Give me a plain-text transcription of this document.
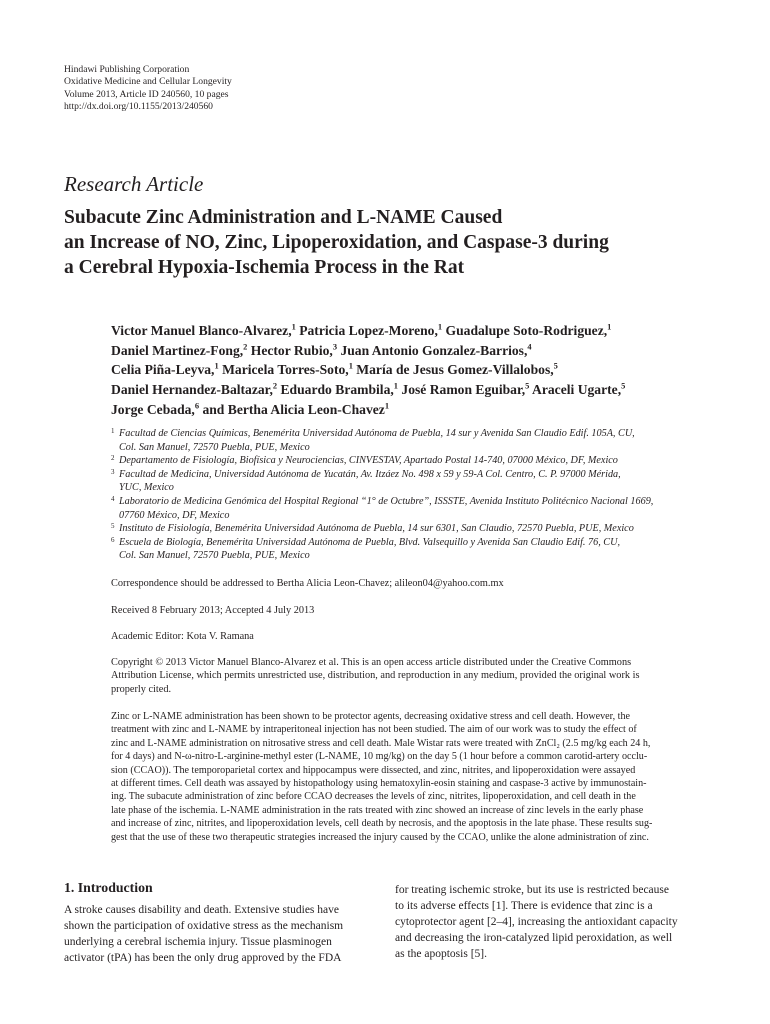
Hindawi Publishing Corporation
Oxidative Medicine and Cellular Longevity
Volume 2013, Article ID 240560, 10 pages
http://dx.doi.org/10.1155/2013/240560
Research Article
Subacute Zinc Administration and L-NAME Caused
an Increase of NO, Zinc, Lipoperoxidation, and Caspase-3 during
a Cerebral Hypoxia-Ischemia Process in the Rat
Victor Manuel Blanco-Alvarez,$^1$ Patricia Lopez-Moreno,$^1$ Guadalupe Soto-Rodriguez,$^1$
Daniel Martinez-Fong,$^2$ Hector Rubio,$^3$ Juan Antonio Gonzalez-Barrios,$^4$
Celia Piña-Leyva,$^1$ Maricela Torres-Soto,$^1$ María de Jesus Gomez-Villalobos,$^5$
Daniel Hernandez-Baltazar,$^2$ Eduardo Brambila,$^1$ José Ramon Eguibar,$^5$ Araceli Ugarte,$^5$
Jorge Cebada,$^6$ and Bertha Alicia Leon-Chavez$^1$
1 Facultad de Ciencias Químicas, Benemérita Universidad Autónoma de Puebla, 14 sur y Avenida San Claudio Edif. 105A, CU,
Col. San Manuel, 72570 Puebla, PUE, Mexico
2 Departamento de Fisiología, Biofísica y Neurociencias, CINVESTAV, Apartado Postal 14-740, 07000 México, DF, Mexico
3 Facultad de Medicina, Universidad Autónoma de Yucatán, Av. Itzáez No. 498 x 59 y 59-A Col. Centro, C. P. 97000 Mérida,
YUC, Mexico
4 Laboratorio de Medicina Genómica del Hospital Regional “1° de Octubre”, ISSSTE, Avenida Instituto Politécnico Nacional 1669,
07760 México, DF, Mexico
5 Instituto de Fisiología, Benemérita Universidad Autónoma de Puebla, 14 sur 6301, San Claudio, 72570 Puebla, PUE, Mexico
6 Escuela de Biología, Benemérita Universidad Autónoma de Puebla, Blvd. Valsequillo y Avenida San Claudio Edif. 76, CU,
Col. San Manuel, 72570 Puebla, PUE, Mexico
Correspondence should be addressed to Bertha Alicia Leon-Chavez; alileon04@yahoo.com.mx
Received 8 February 2013; Accepted 4 July 2013
Academic Editor: Kota V. Ramana
Copyright © 2013 Victor Manuel Blanco-Alvarez et al. This is an open access article distributed under the Creative Commons
Attribution License, which permits unrestricted use, distribution, and reproduction in any medium, provided the original work is
properly cited.
Zinc or L-NAME administration has been shown to be protector agents, decreasing oxidative stress and cell death. However, the
treatment with zinc and L-NAME by intraperitoneal injection has not been studied. The aim of our work was to study the effect of
zinc and L-NAME administration on nitrosative stress and cell death. Male Wistar rats were treated with ZnCl₂ (2.5 mg/kg each 24 h,
for 4 days) and N-ω-nitro-L-arginine-methyl ester (L-NAME, 10 mg/kg) on the day 5 (1 hour before a common carotid-artery occlu-
sion (CCAO)). The temporoparietal cortex and hippocampus were dissected, and zinc, nitrites, and lipoperoxidation were assayed
at different times. Cell death was assayed by histopathology using hematoxylin-eosin staining and caspase-3 active by immunostain-
ing. The subacute administration of zinc before CCAO decreases the levels of zinc, nitrites, lipoperoxidation, and cell death in the
late phase of the ischemia. L-NAME administration in the rats treated with zinc showed an increase of zinc levels in the early phase
and increase of zinc, nitrites, and lipoperoxidation levels, cell death by necrosis, and the apoptosis in the late phase. These results sug-
gest that the use of these two therapeutic strategies increased the injury caused by the CCAO, unlike the alone administration of zinc.
1. Introduction
A stroke causes disability and death. Extensive studies have
shown the participation of oxidative stress as the mechanism
underlying a cerebral ischemia injury. Tissue plasminogen
activator (tPA) has been the only drug approved by the FDA
for treating ischemic stroke, but its use is restricted because
to its adverse effects [1]. There is evidence that zinc is a
cytoprotector agent [2–4], increasing the antioxidant capacity
and decreasing the iron-catalyzed lipid peroxidation, as well
as the apoptosis [5].
